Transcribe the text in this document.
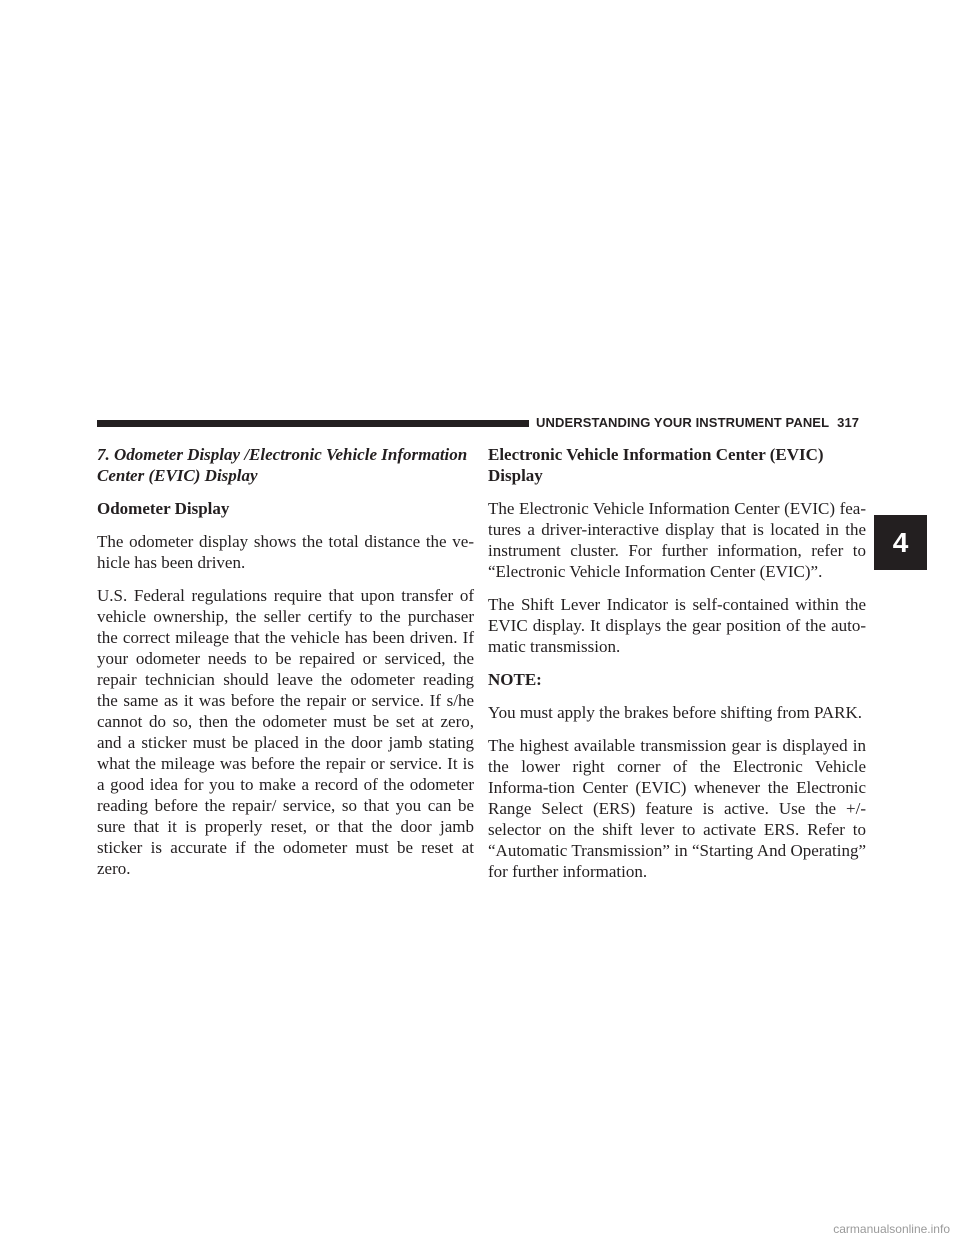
UNDERSTANDING YOUR INSTRUMENT PANEL 317
7. Odometer Display /Electronic Vehicle Information Center (EVIC) Display
Odometer Display

The odometer display shows the total distance the ve-hicle has been driven.

U.S. Federal regulations require that upon transfer of vehicle ownership, the seller certify to the purchaser the correct mileage that the vehicle has been driven. If your odometer needs to be repaired or serviced, the repair technician should leave the odometer reading the same as it was before the repair or service. If s/he cannot do so, then the odometer must be set at zero, and a sticker must be placed in the door jamb stating what the mileage was before the repair or service. It is a good idea for you to make a record of the odometer reading before the repair/ service, so that you can be sure that it is properly reset, or that the door jamb sticker is accurate if the odometer must be reset at zero.

Electronic Vehicle Information Center (EVIC) Display

The Electronic Vehicle Information Center (EVIC) fea-tures a driver-interactive display that is located in the instrument cluster. For further information, refer to “Electronic Vehicle Information Center (EVIC)”.

The Shift Lever Indicator is self-contained within the EVIC display. It displays the gear position of the auto-matic transmission.

NOTE:

You must apply the brakes before shifting from PARK.

The highest available transmission gear is displayed in the lower right corner of the Electronic Vehicle Informa-tion Center (EVIC) whenever the Electronic Range Select (ERS) feature is active. Use the +/- selector on the shift lever to activate ERS. Refer to “Automatic Transmission” in “Starting And Operating” for further information.

4
carmanualsonline.info
